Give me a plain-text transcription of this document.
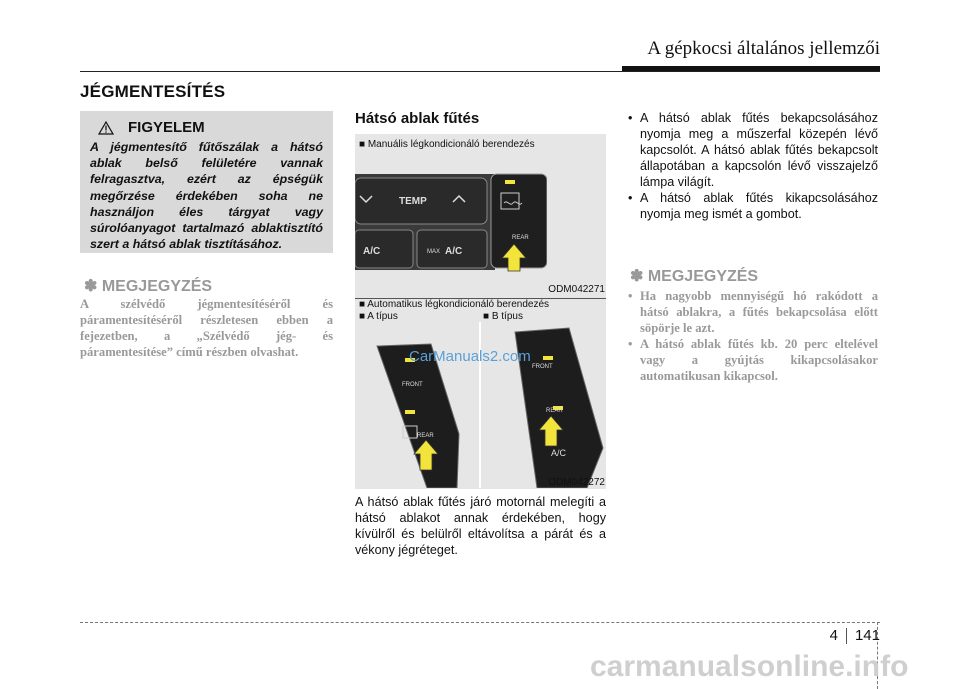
A gépkocsi általános jellemzői
JÉGMENTESÍTÉS
FIGYELEM
A jégmentesítő fűtőszálak a hátsó ablak belső felületére vannak felragasztva, ezért az épségük megőrzése érdekében soha ne használjon éles tárgyat vagy súrolóanyagot tartalmazó ablaktisztító szert a hátsó ablak tisztításához.
✽ MEGJEGYZÉS
A szélvédő jégmentesítéséről és páramentesítéséről részletesen ebben a fejezetben, a „Szélvédő jég- és páramentesítése” című részben olvashat.
Hátsó ablak fűtés
■ Manuális légkondicionáló berendezés
TEMP
A/C	MAX A/C
REAR
ODM042271
■ Automatikus légkondicionáló berendezés
■ A típus	■ B típus
FRONT
REAR
FRONT
REAR
A/C
CarManuals2.com
ODM042272
A hátsó ablak fűtés járó motornál melegíti a hátsó ablakot annak érdekében, hogy kívülről és belülről eltávolítsa a párát és a vékony jégréteget.
• A hátsó ablak fűtés bekapcsolásához nyomja meg a műszerfal közepén lévő kapcsolót. A hátsó ablak fűtés bekapcsolt állapotában a kapcsolón lévő visszajelző lámpa világít.
• A hátsó ablak fűtés kikapcsolásához nyomja meg ismét a gombot.
✽ MEGJEGYZÉS
• Ha nagyobb mennyiségű hó rakódott a hátsó ablakra, a fűtés bekapcsolása előtt söpörje le azt.
• A hátsó ablak fűtés kb. 20 perc eltelével vagy a gyújtás kikapcsolásakor automatikusan kikapcsol.
4 141
carmanualsonline.info
